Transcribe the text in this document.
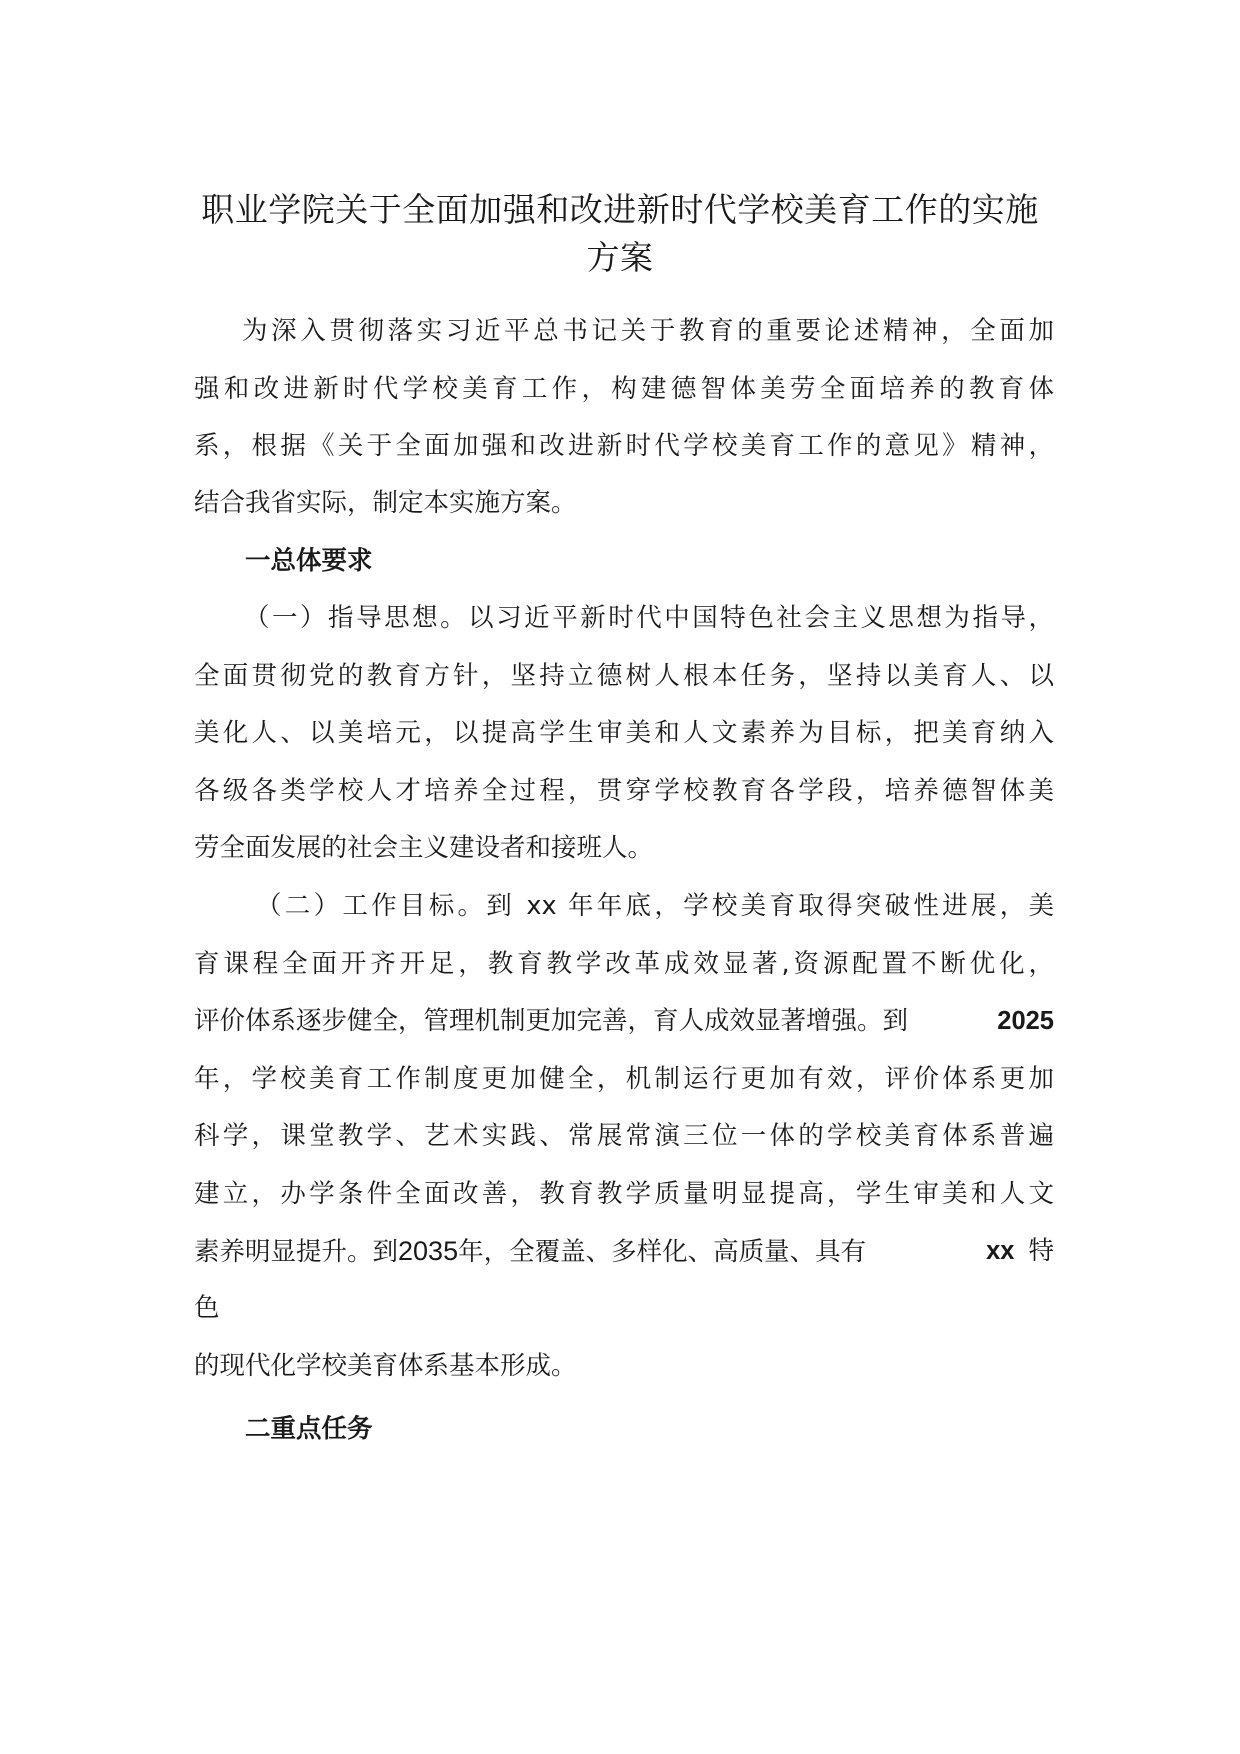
职业学院关于全面加强和改进新时代学校美育工作的实施
方案

为深入贯彻落实习近平总书记关于教育的重要论述精神，全面加

强和改进新时代学校美育工作，构建德智体美劳全面培养的教育体

系，根据《关于全面加强和改进新时代学校美育工作的意见》精神，

结合我省实际，制定本实施方案。

一总体要求

（一）指导思想。以习近平新时代中国特色社会主义思想为指导，

全面贯彻党的教育方针，坚持立德树人根本任务，坚持以美育人、以

美化人、以美培元，以提高学生审美和人文素养为目标，把美育纳入

各级各类学校人才培养全过程，贯穿学校教育各学段，培养德智体美

劳全面发展的社会主义建设者和接班人。

（二）工作目标。到 xx 年年底，学校美育取得突破性进展，美

育课程全面开齐开足，教育教学改革成效显著,资源配置不断优化，

评价体系逐步健全，管理机制更加完善，育人成效显著增强。到	2025

年，学校美育工作制度更加健全，机制运行更加有效，评价体系更加

科学，课堂教学、艺术实践、常展常演三位一体的学校美育体系普遍

建立，办学条件全面改善，教育教学质量明显提高，学生审美和人文

素养明显提升。到2035年，全覆盖、多样化、高质量、具有	xx 特

色

的现代化学校美育体系基本形成。

二重点任务
